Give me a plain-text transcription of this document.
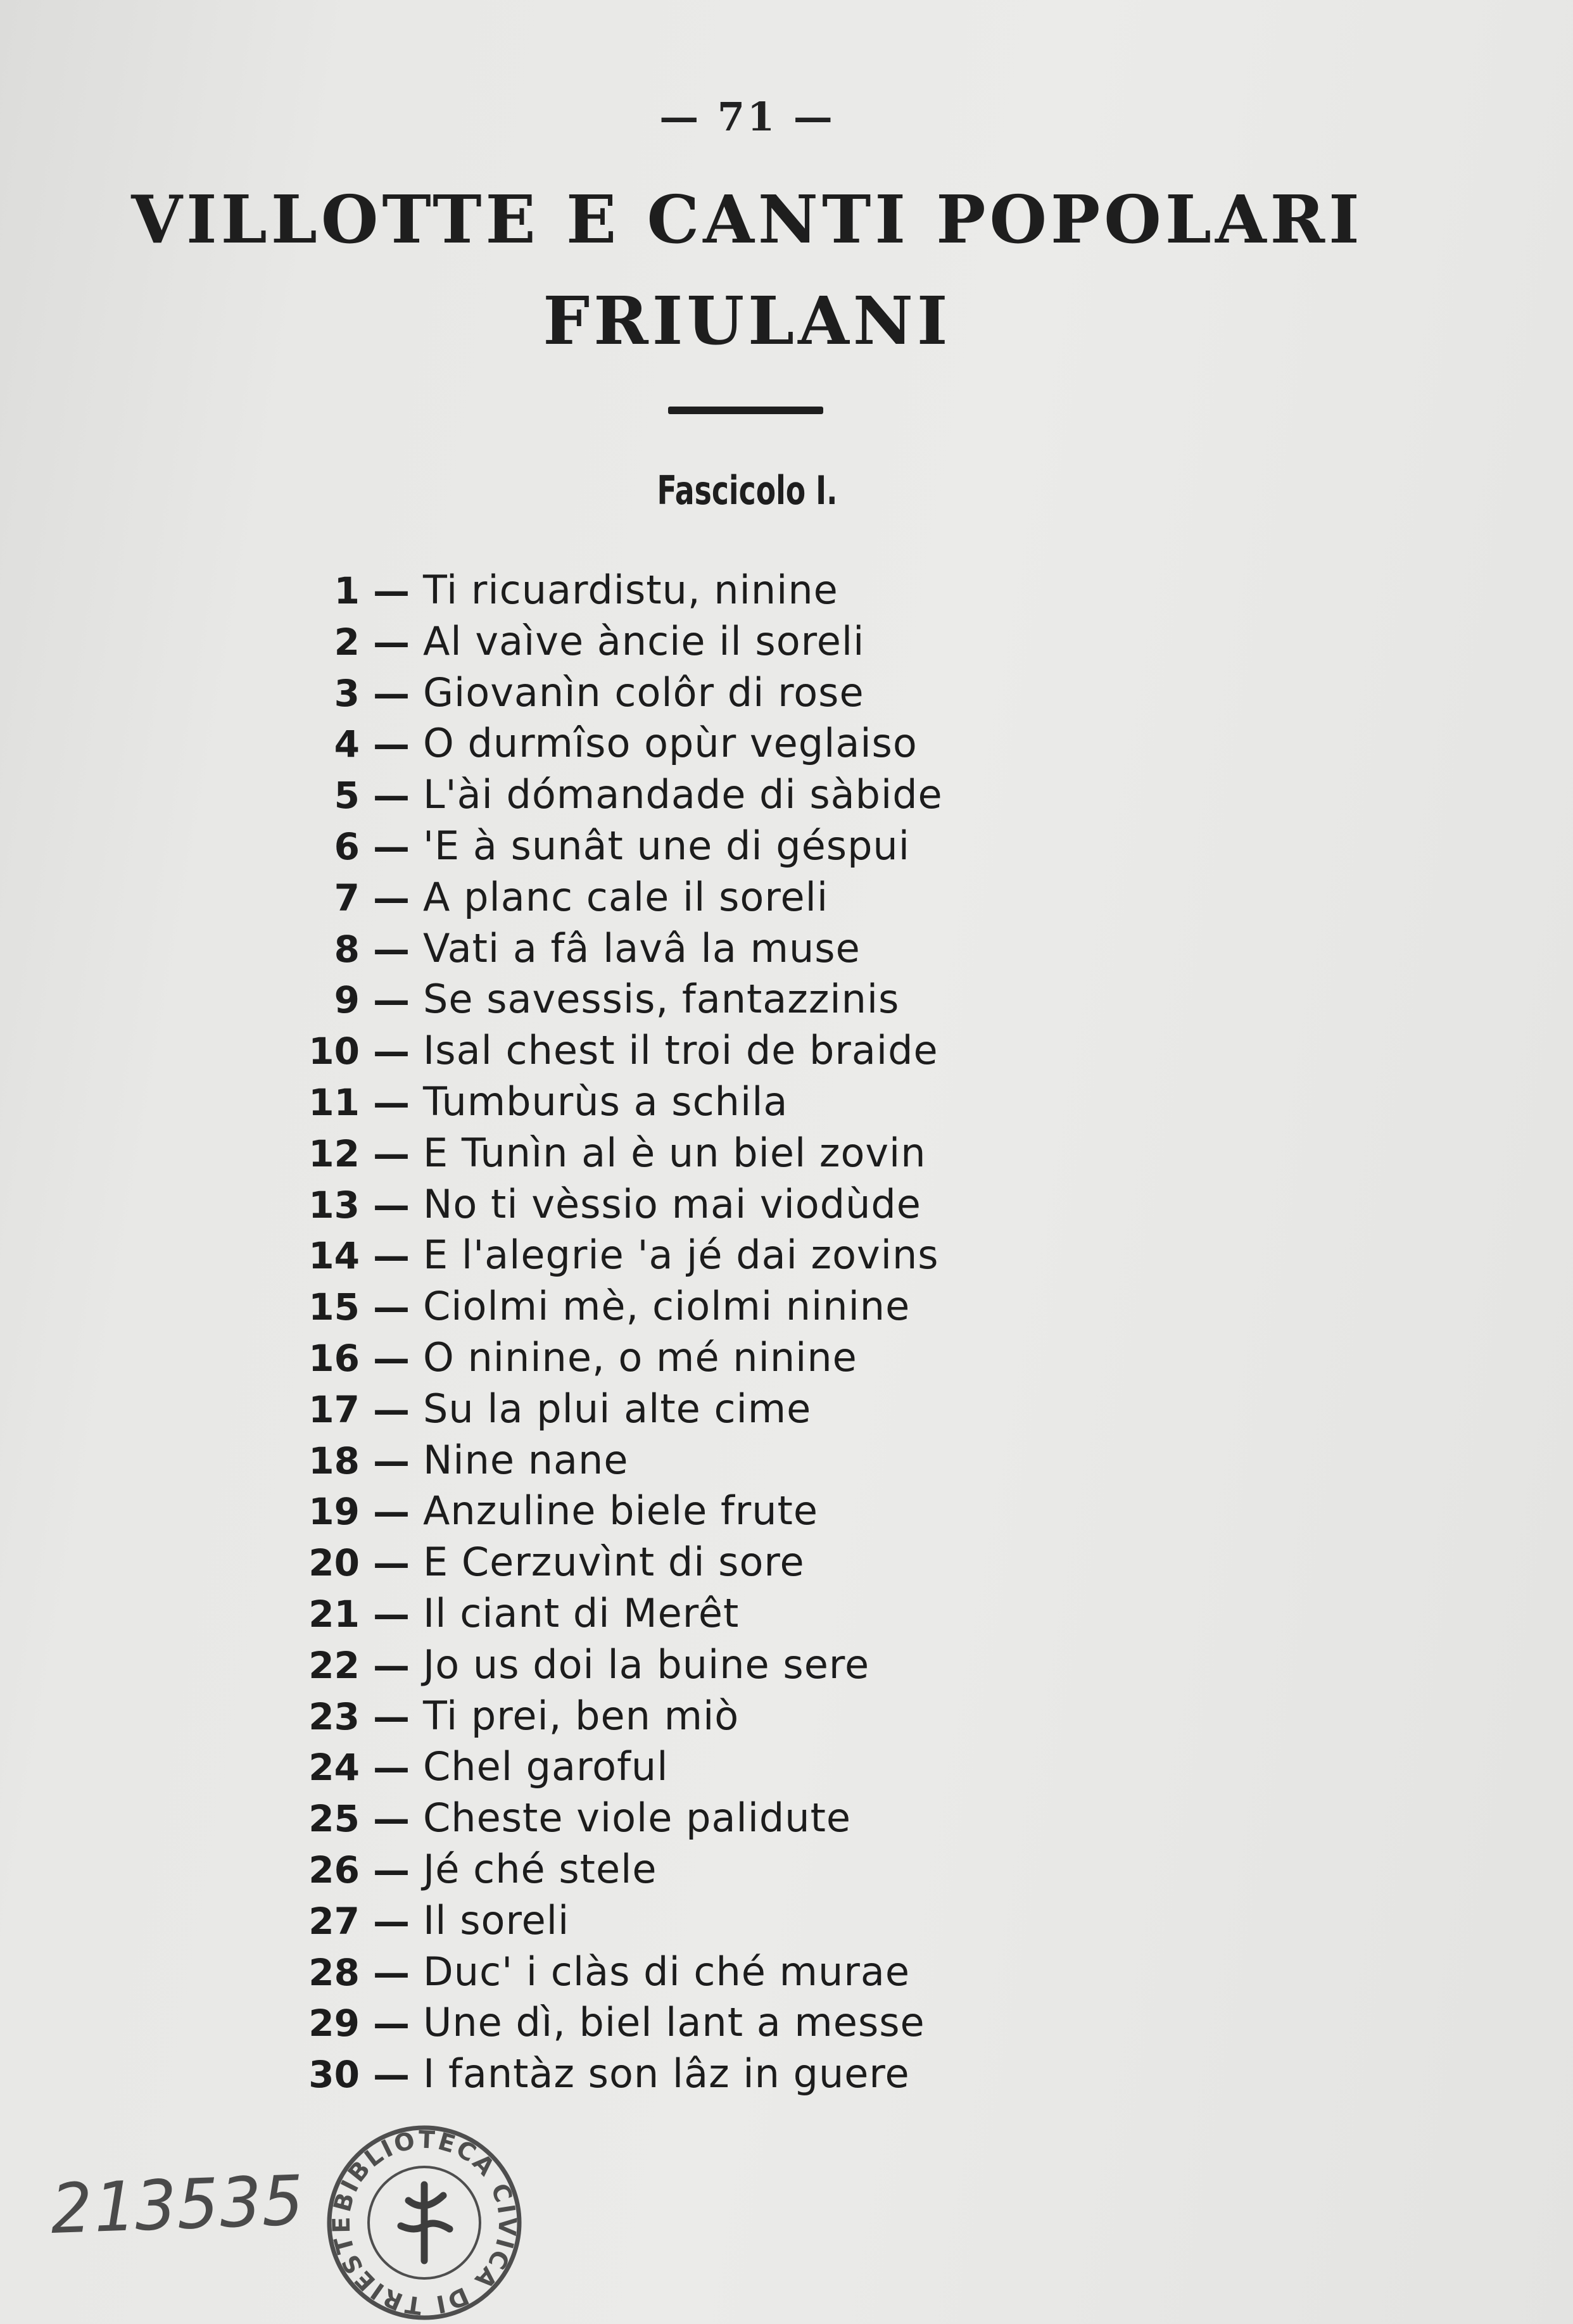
— 71 —
VILLOTTE E CANTI POPOLARI
FRIULANI
Fascicolo I.
1 — Ti ricuardistu, ninine
2 — Al vaìve àncie il soreli
3 — Giovanìn colôr di rose
4 — O durmîso opùr veglaiso
5 — L'ài dómandade di sàbide
6 — 'E à sunât une di géspui
7 — A planc cale il soreli
8 — Vati a fâ lavâ la muse
9 — Se savessis, fantazzinis
10 — Isal chest il troi de braide
11 — Tumburùs a schila
12 — E Tunìn al è un biel zovin
13 — No ti vèssio mai viodùde
14 — E l'alegrie 'a jé dai zovins
15 — Ciolmi mè, ciolmi ninine
16 — O ninine, o mé ninine
17 — Su la plui alte cime
18 — Nine nane
19 — Anzuline biele frute
20 — E Cerzuvìnt di sore
21 — Il ciant di Merêt
22 — Jo us doi la buine sere
23 — Ti prei, ben miò
24 — Chel garoful
25 — Cheste viole palidute
26 — Jé ché stele
27 — Il soreli
28 — Duc' i clàs di ché murae
29 — Une dì, biel lant a messe
30 — I fantàz son lâz in guere
213535 BIBLIOTECA CIVICA DI TRIESTE
